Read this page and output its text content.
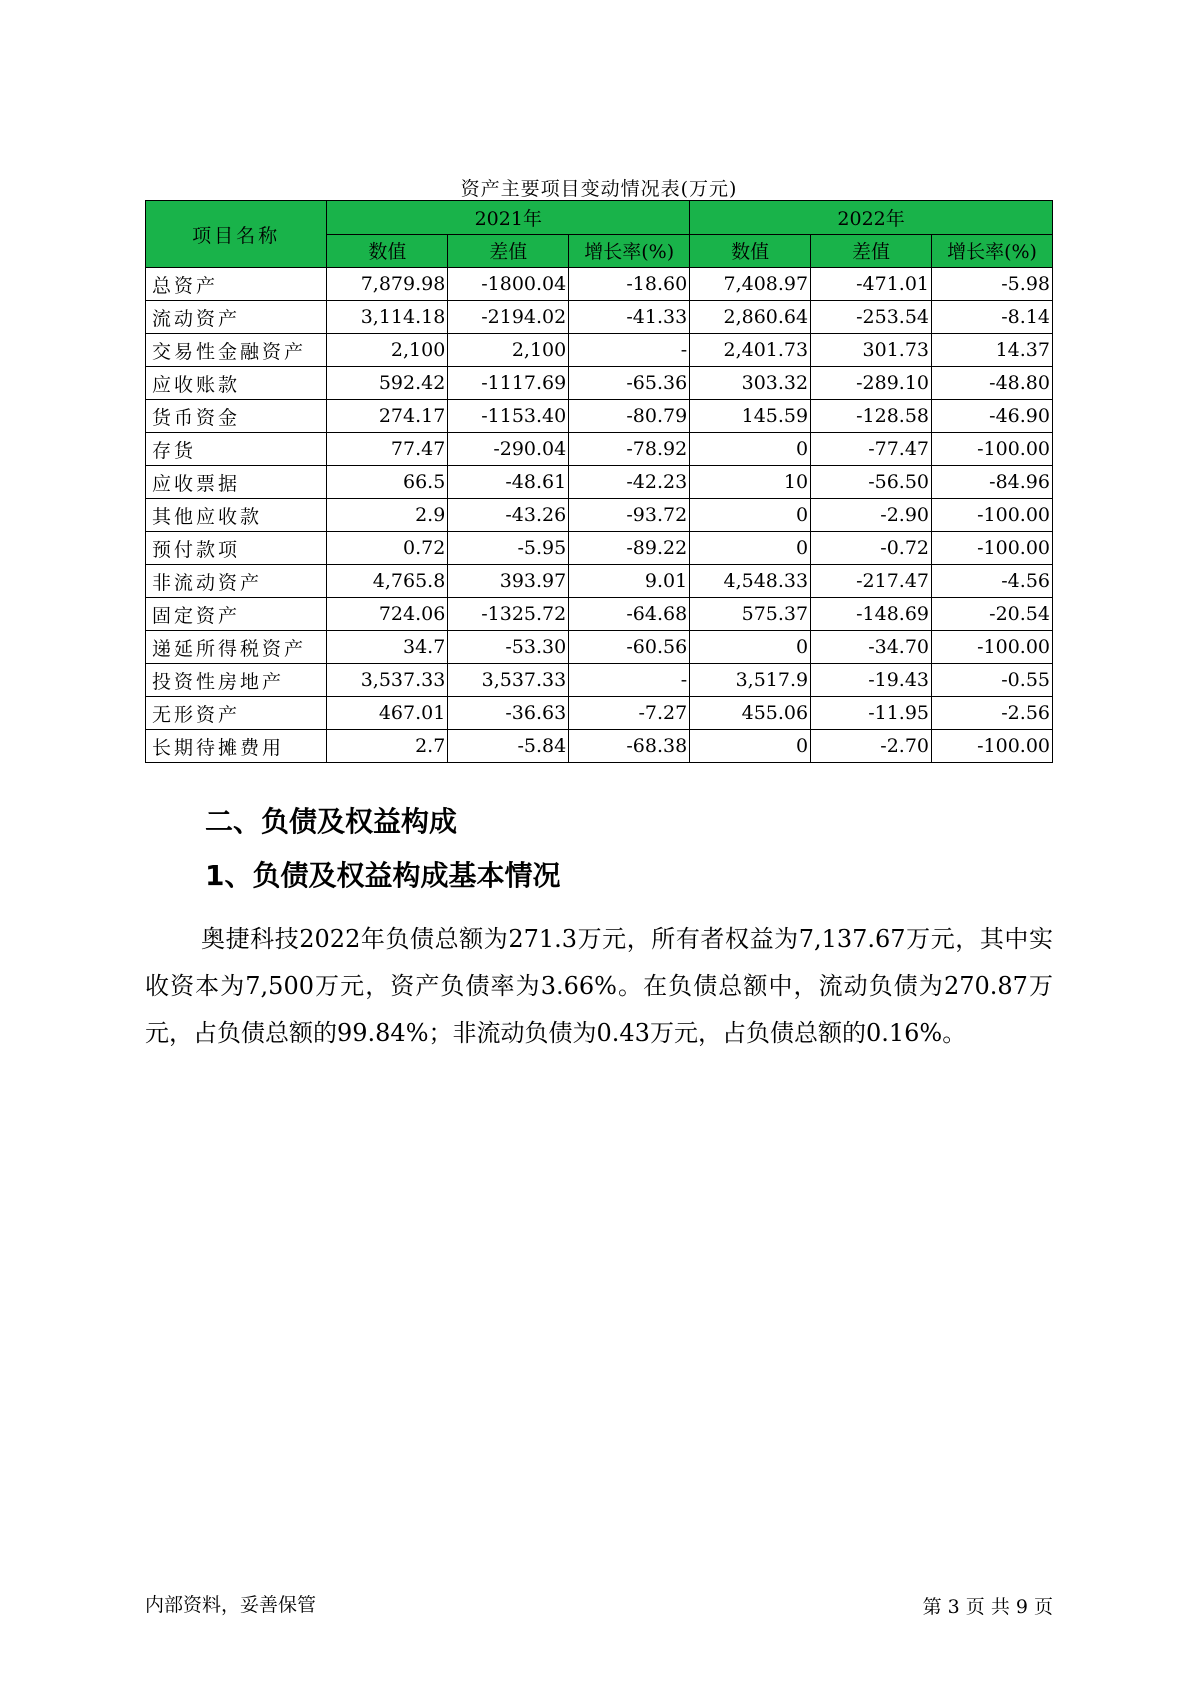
资产主要项目变动情况表(万元)
项目名称	2021年			2022年		
	数值	差值	增长率(%)	数值	差值	增长率(%)
总资产	7,879.98	-1800.04	-18.60	7,408.97	-471.01	-5.98
流动资产	3,114.18	-2194.02	-41.33	2,860.64	-253.54	-8.14
交易性金融资产	2,100	2,100	-	2,401.73	301.73	14.37
应收账款	592.42	-1117.69	-65.36	303.32	-289.10	-48.80
货币资金	274.17	-1153.40	-80.79	145.59	-128.58	-46.90
存货	77.47	-290.04	-78.92	0	-77.47	-100.00
应收票据	66.5	-48.61	-42.23	10	-56.50	-84.96
其他应收款	2.9	-43.26	-93.72	0	-2.90	-100.00
预付款项	0.72	-5.95	-89.22	0	-0.72	-100.00
非流动资产	4,765.8	393.97	9.01	4,548.33	-217.47	-4.56
固定资产	724.06	-1325.72	-64.68	575.37	-148.69	-20.54
递延所得税资产	34.7	-53.30	-60.56	0	-34.70	-100.00
投资性房地产	3,537.33	3,537.33	-	3,517.9	-19.43	-0.55
无形资产	467.01	-36.63	-7.27	455.06	-11.95	-2.56
长期待摊费用	2.7	-5.84	-68.38	0	-2.70	-100.00
二、负债及权益构成
1、负债及权益构成基本情况

奥捷科技2022年负债总额为271.3万元，所有者权益为7,137.67万元，其中实收资本为7,500万元，资产负债率为3.66%。在负债总额中，流动负债为270.87万元，占负债总额的99.84%；非流动负债为0.43万元，占负债总额的0.16%。

内部资料，妥善保管	第 3 页 共 9 页
